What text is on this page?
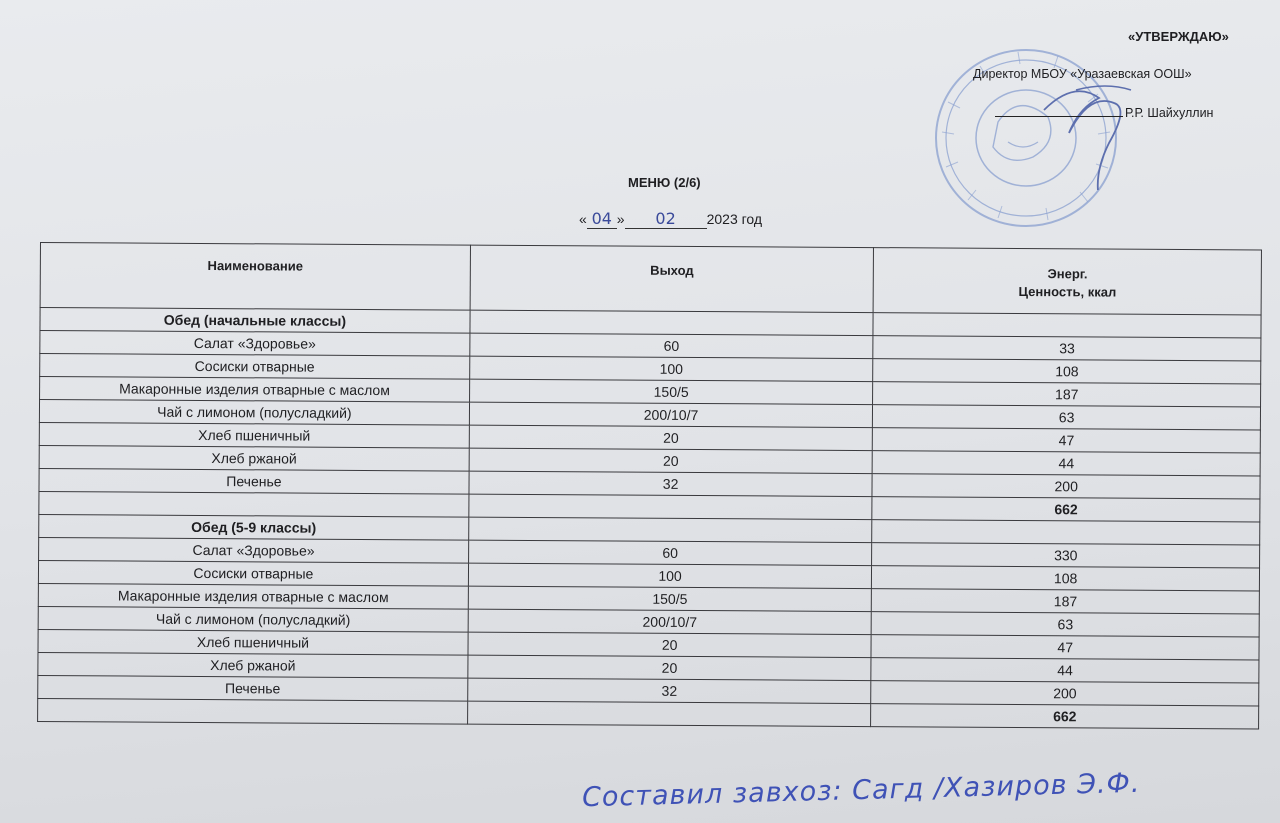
«УТВЕРЖДАЮ»
Директор МБОУ «Уразаевская ООШ»
Р.Р. Шайхуллин
МЕНЮ (2/6)
« 04 » 02 2023 год
Наименование	Выход	Энерг.
Ценность, ккал
Обед (начальные классы)		
Салат «Здоровье»	60	33
Сосиски отварные	100	108
Макаронные изделия отварные с маслом	150/5	187
Чай с лимоном (полусладкий)	200/10/7	63
Хлеб пшеничный	20	47
Хлеб ржаной	20	44
Печенье	32	200
		662
Обед (5-9 классы)		
Салат «Здоровье»	60	330
Сосиски отварные	100	108
Макаронные изделия отварные с маслом	150/5	187
Чай с лимоном (полусладкий)	200/10/7	63
Хлеб пшеничный	20	47
Хлеб ржаной	20	44
Печенье	32	200
		662
Составил завхоз: Сагд /Хазиров Э.Ф.
